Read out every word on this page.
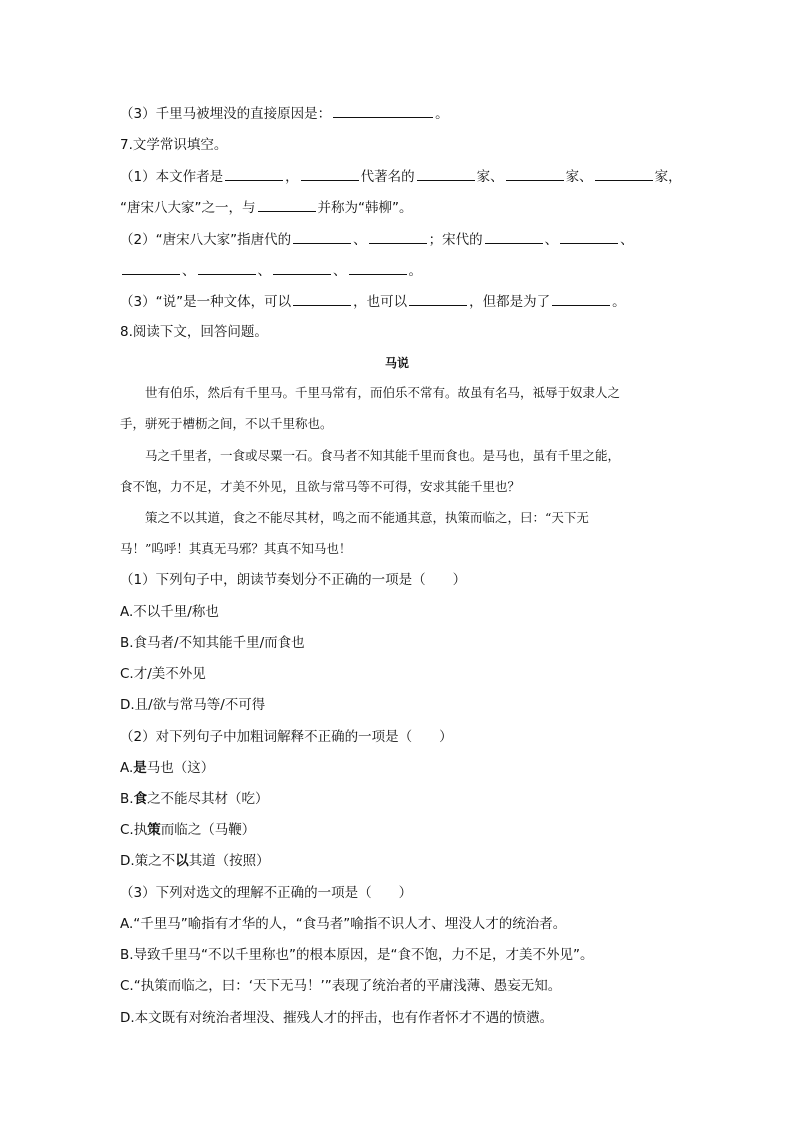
（3）千里马被埋没的直接原因是：	。
7.文学常识填空。
（1）本文作者是	，	代著名的	家、	家、	家，
“唐宋八大家”之一，与	并称为“韩柳”。
（2）“唐宋八大家”指唐代的	、	；宋代的	、	、
、	、	、	。
（3）“说”是一种文体，可以	，也可以	，但都是为了	。
8.阅读下文，回答问题。
马说
世有伯乐，然后有千里马。千里马常有，而伯乐不常有。故虽有名马，祗辱于奴隶人之
手，骈死于槽枥之间，不以千里称也。
马之千里者，一食或尽粟一石。食马者不知其能千里而食也。是马也，虽有千里之能，
食不饱，力不足，才美不外见，且欲与常马等不可得，安求其能千里也？
策之不以其道，食之不能尽其材，鸣之而不能通其意，执策而临之，曰：“天下无
马！”呜呼！其真无马邪？其真不知马也！
（1）下列句子中，朗读节奏划分不正确的一项是（　　）
A.不以千里/称也
B.食马者/不知其能千里/而食也
C.才/美不外见
D.且/欲与常马等/不可得
（2）对下列句子中加粗词解释不正确的一项是（　　）
A.是马也（这）
B.食之不能尽其材（吃）
C.执策而临之（马鞭）
D.策之不以其道（按照）
（3）下列对选文的理解不正确的一项是（　　）
A.“千里马”喻指有才华的人，“食马者”喻指不识人才、埋没人才的统治者。
B.导致千里马“不以千里称也”的根本原因，是“食不饱，力不足，才美不外见”。
C.“执策而临之，曰：‘天下无马！’”表现了统治者的平庸浅薄、愚妄无知。
D.本文既有对统治者埋没、摧残人才的抨击，也有作者怀才不遇的愤懑。
